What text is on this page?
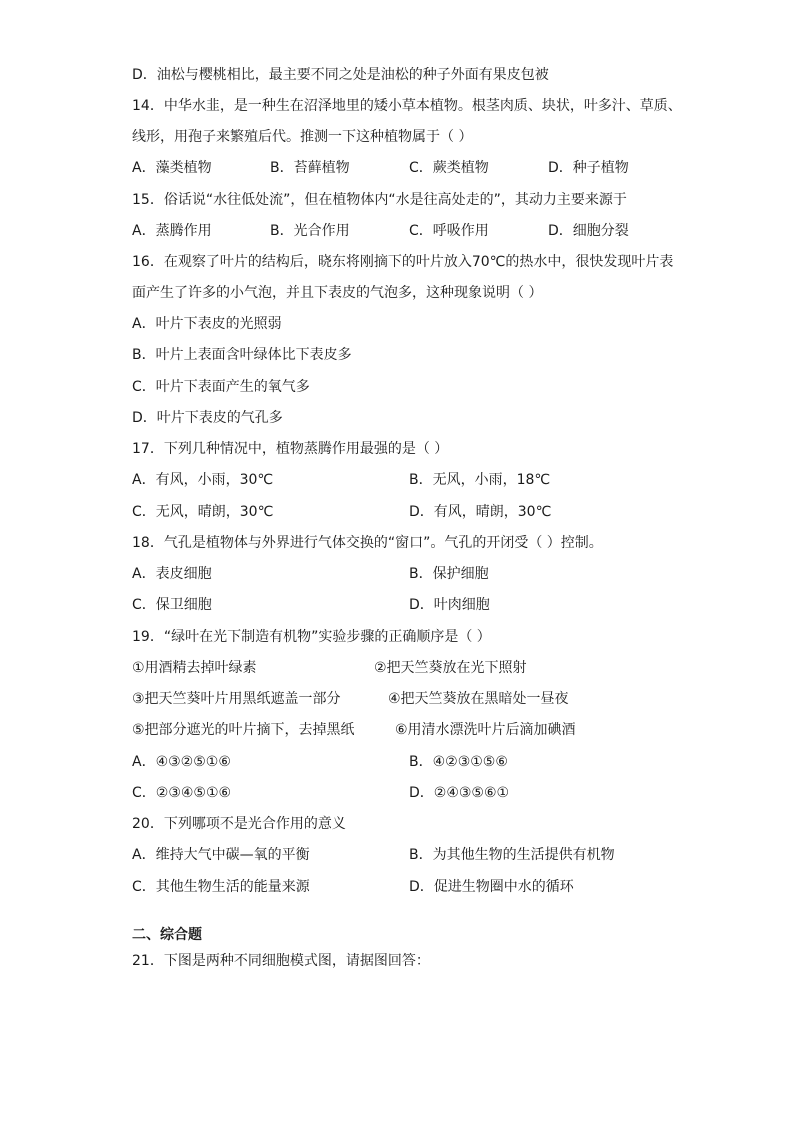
D．油松与樱桃相比，最主要不同之处是油松的种子外面有果皮包被
14．中华水韭，是一种生在沼泽地里的矮小草本植物。根茎肉质、块状，叶多汁、草质、
线形，用孢子来繁殖后代。推测一下这种植物属于（ ）
A．藻类植物	B．苔藓植物	C．蕨类植物	D．种子植物
15．俗话说“水往低处流”，但在植物体内“水是往高处走的”，其动力主要来源于
A．蒸腾作用	B．光合作用	C．呼吸作用	D．细胞分裂
16．在观察了叶片的结构后，晓东将刚摘下的叶片放入70℃的热水中，很快发现叶片表
面产生了许多的小气泡，并且下表皮的气泡多，这种现象说明（ ）
A．叶片下表皮的光照弱
B．叶片上表面含叶绿体比下表皮多
C．叶片下表面产生的氧气多
D．叶片下表皮的气孔多
17．下列几种情况中，植物蒸腾作用最强的是（ ）
A．有风，小雨，30℃	B．无风，小雨，18℃
C．无风，晴朗，30℃	D．有风，晴朗，30℃
18．气孔是植物体与外界进行气体交换的“窗口”。气孔的开闭受（ ）控制。
A．表皮细胞	B．保护细胞
C．保卫细胞	D．叶肉细胞
19．“绿叶在光下制造有机物”实验步骤的正确顺序是（ ）
①用酒精去掉叶绿素	②把天竺葵放在光下照射
③把天竺葵叶片用黑纸遮盖一部分	④把天竺葵放在黑暗处一昼夜
⑤把部分遮光的叶片摘下，去掉黑纸	⑥用清水漂洗叶片后滴加碘酒
A．④③②⑤①⑥	B．④②③①⑤⑥
C．②③④⑤①⑥	D．②④③⑤⑥①
20．下列哪项不是光合作用的意义
A．维持大气中碳—氧的平衡	B．为其他生物的生活提供有机物
C．其他生物生活的能量来源	D．促进生物圈中水的循环
二、综合题
21．下图是两种不同细胞模式图，请据图回答：
